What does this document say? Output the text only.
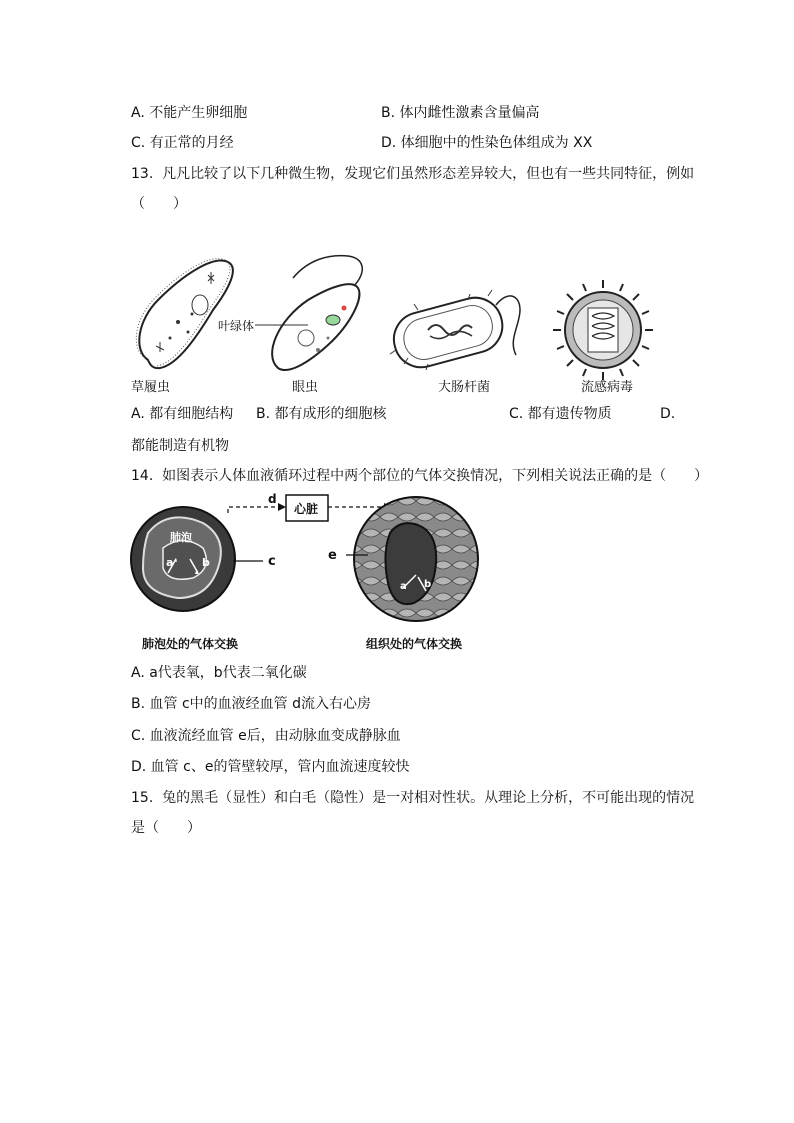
A. 不能产生卵细胞	B. 体内雌性激素含量偏高
C. 有正常的月经	D. 体细胞中的性染色体组成为 XX
13. 凡凡比较了以下几种微生物，发现它们虽然形态差异较大，但也有一些共同特征，例如
（　　）
叶绿体
草履虫	眼虫	大肠杆菌	流感病毒
A. 都有细胞结构 B. 都有成形的细胞核	C. 都有遗传物质	D.
都能制造有机物
14. 如图表示人体血液循环过程中两个部位的气体交换情况，下列相关说法正确的是（　　）
肺泡
a	b	c
d
心脏
e
a b
肺泡处的气体交换	组织处的气体交换
A. a代表氧，b代表二氧化碳
B. 血管 c中的血液经血管 d流入右心房
C. 血液流经血管 e后，由动脉血变成静脉血
D. 血管 c、e的管壁较厚，管内血流速度较快
15. 兔的黑毛（显性）和白毛（隐性）是一对相对性状。从理论上分析，不可能出现的情况
是（　　）
